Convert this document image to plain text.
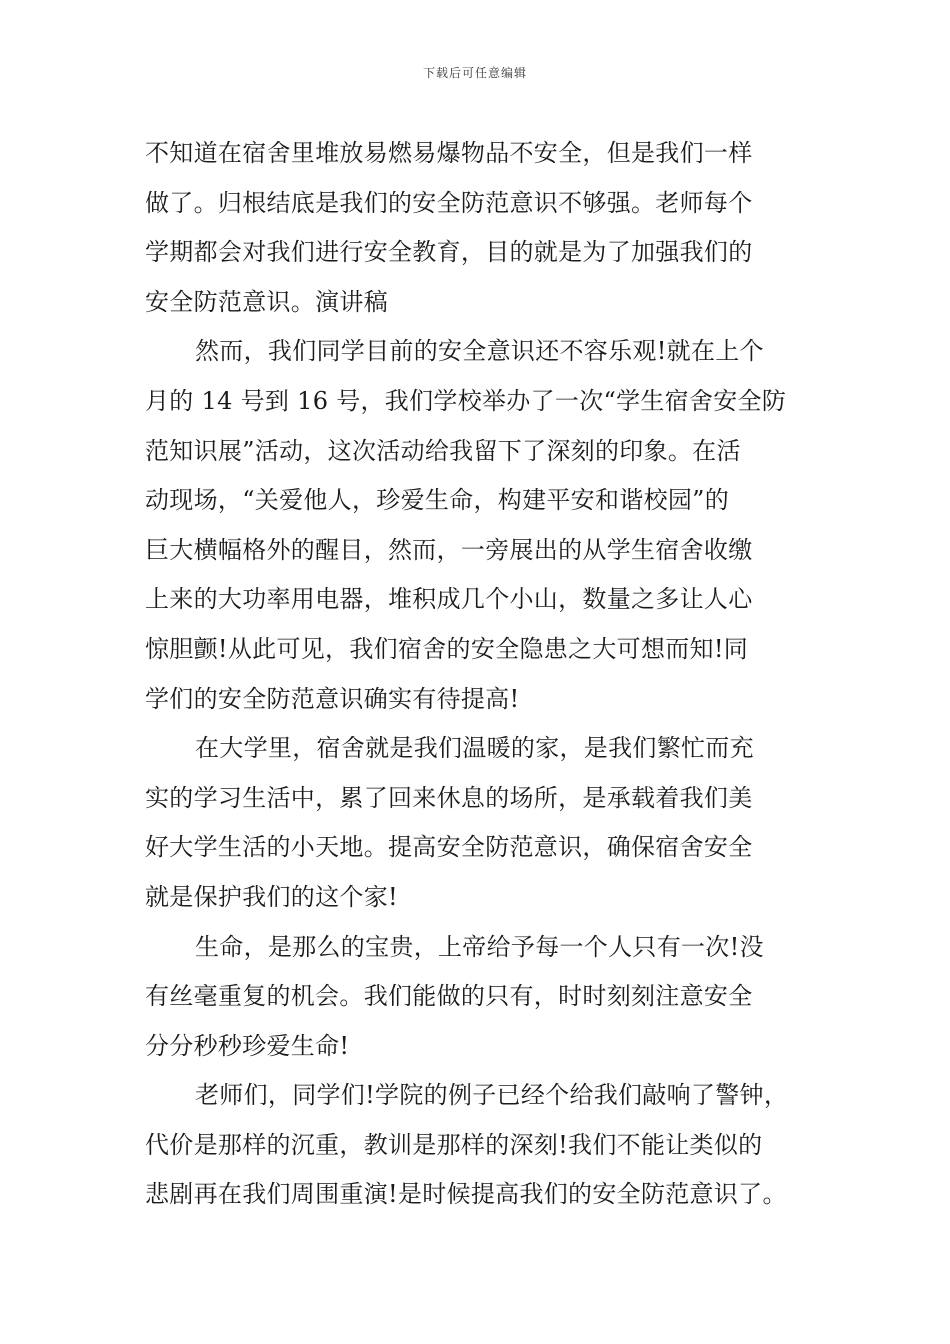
下载后可任意编辑
不知道在宿舍里堆放易燃易爆物品不安全，但是我们一样
做了。归根结底是我们的安全防范意识不够强。老师每个
学期都会对我们进行安全教育，目的就是为了加强我们的
安全防范意识。演讲稿
然而，我们同学目前的安全意识还不容乐观!就在上个
月的 14 号到 16 号，我们学校举办了一次“学生宿舍安全防
范知识展”活动，这次活动给我留下了深刻的印象。在活
动现场，“关爱他人，珍爱生命，构建平安和谐校园”的
巨大横幅格外的醒目，然而，一旁展出的从学生宿舍收缴
上来的大功率用电器，堆积成几个小山，数量之多让人心
惊胆颤!从此可见，我们宿舍的安全隐患之大可想而知!同
学们的安全防范意识确实有待提高!
在大学里，宿舍就是我们温暖的家，是我们繁忙而充
实的学习生活中，累了回来休息的场所，是承载着我们美
好大学生活的小天地。提高安全防范意识，确保宿舍安全
就是保护我们的这个家!
生命，是那么的宝贵，上帝给予每一个人只有一次!没
有丝毫重复的机会。我们能做的只有，时时刻刻注意安全
分分秒秒珍爱生命!
老师们，同学们!学院的例子已经个给我们敲响了警钟，
代价是那样的沉重，教训是那样的深刻!我们不能让类似的
悲剧再在我们周围重演!是时候提高我们的安全防范意识了。
